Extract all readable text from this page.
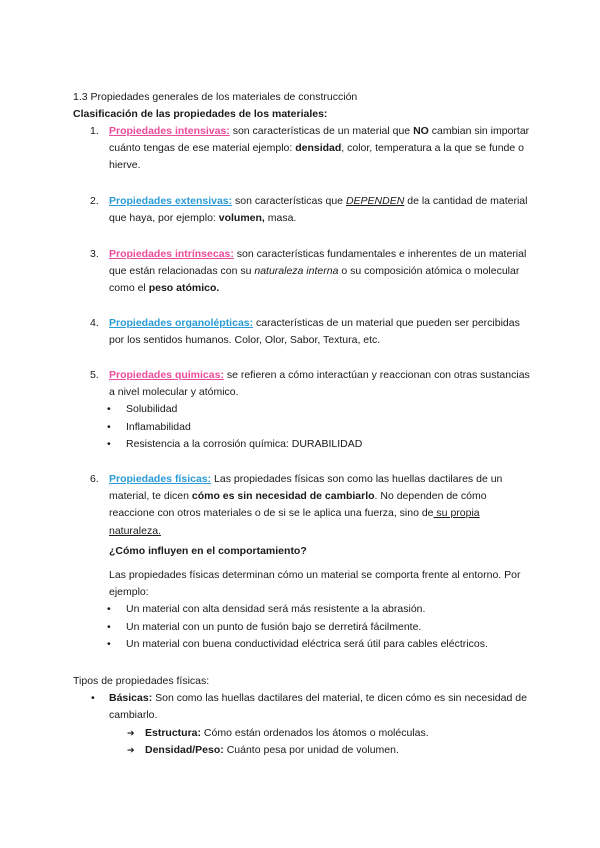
1.3 Propiedades generales de los materiales de construcción
Clasificación de las propiedades de los materiales:
1. Propiedades intensivas: son características de un material que NO cambian sin importar cuánto tengas de ese material ejemplo: densidad, color, temperatura a la que se funde o hierve.
2. Propiedades extensivas: son características que DEPENDEN de la cantidad de material que haya, por ejemplo: volumen, masa.
3. Propiedades intrínsecas: son características fundamentales e inherentes de un material que están relacionadas con su naturaleza interna o su composición atómica o molecular como el peso atómico.
4. Propiedades organolépticas: características de un material que pueden ser percibidas por los sentidos humanos. Color, Olor, Sabor, Textura, etc.
5. Propiedades químicas: se refieren a cómo interactúan y reaccionan con otras sustancias a nivel molecular y atómico.
• Solubilidad
• Inflamabilidad
• Resistencia a la corrosión química: DURABILIDAD
6. Propiedades físicas: Las propiedades físicas son como las huellas dactilares de un material, te dicen cómo es sin necesidad de cambiarlo. No dependen de cómo reaccione con otros materiales o de si se le aplica una fuerza, sino de su propia naturaleza.
¿Cómo influyen en el comportamiento?
Las propiedades físicas determinan cómo un material se comporta frente al entorno. Por ejemplo:
• Un material con alta densidad será más resistente a la abrasión.
• Un material con un punto de fusión bajo se derretirá fácilmente.
• Un material con buena conductividad eléctrica será útil para cables eléctricos.
Tipos de propiedades físicas:
• Básicas: Son como las huellas dactilares del material, te dicen cómo es sin necesidad de cambiarlo.
➔ Estructura: Cómo están ordenados los átomos o moléculas.
➔ Densidad/Peso: Cuánto pesa por unidad de volumen.
